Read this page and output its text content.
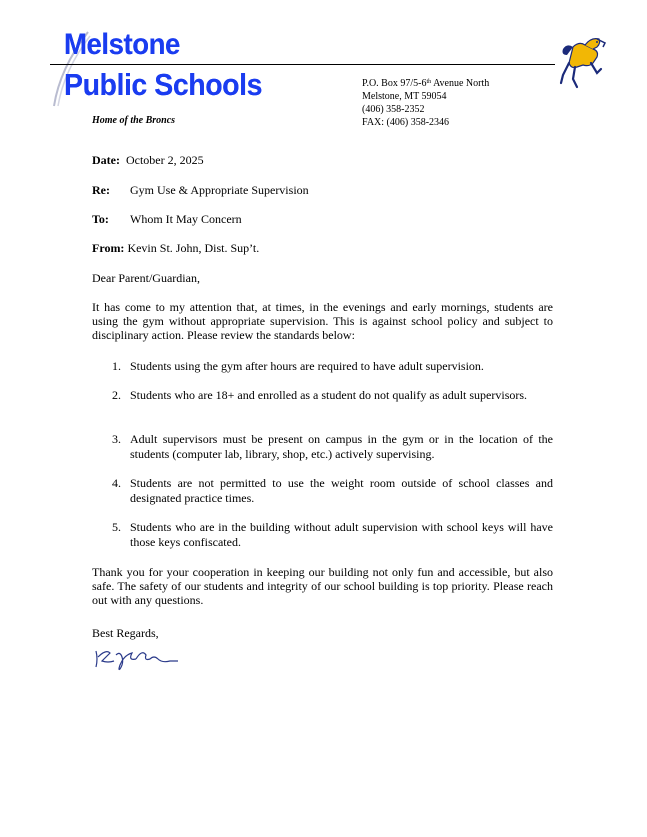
Melstone
Public Schools
Home of the Broncs
P.O. Box 97/5-6th Avenue North
Melstone, MT 59054
(406) 358-2352
FAX: (406) 358-2346
Date: October 2, 2025
Re: Gym Use & Appropriate Supervision
To: Whom It May Concern
From: Kevin St. John, Dist. Sup’t.
Dear Parent/Guardian,
It has come to my attention that, at times, in the evenings and early mornings, students are using the gym without appropriate supervision. This is against school policy and subject to disciplinary action. Please review the standards below:
1. Students using the gym after hours are required to have adult supervision.
2. Students who are 18+ and enrolled as a student do not qualify as adult supervisors.
3. Adult supervisors must be present on campus in the gym or in the location of the students (computer lab, library, shop, etc.) actively supervising.
4. Students are not permitted to use the weight room outside of school classes and designated practice times.
5. Students who are in the building without adult supervision with school keys will have those keys confiscated.
Thank you for your cooperation in keeping our building not only fun and accessible, but also safe. The safety of our students and integrity of our school building is top priority. Please reach out with any questions.
Best Regards,
